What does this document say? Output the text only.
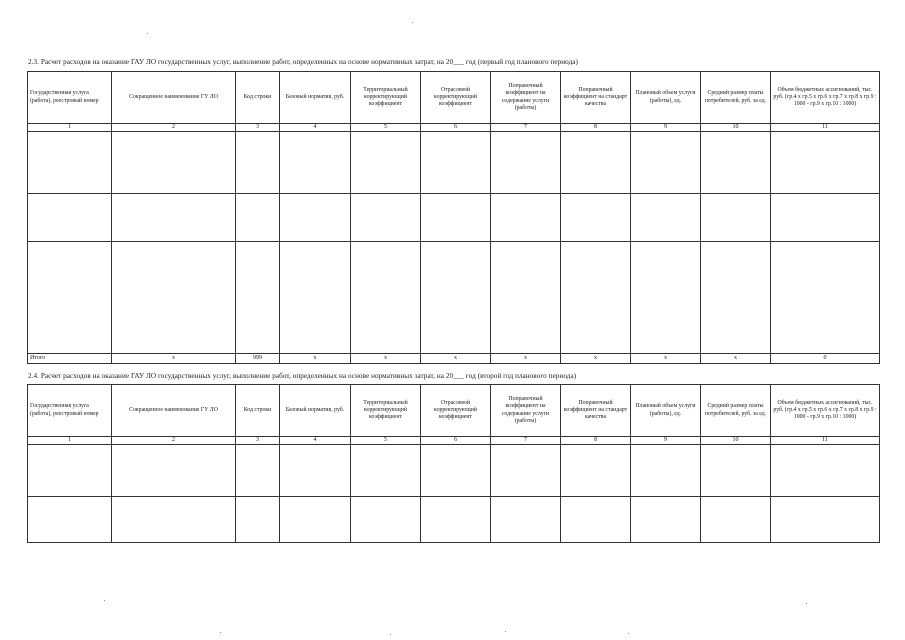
2.3. Расчет расходов на оказание ГАУ ЛО государственных услуг, выполнение работ, определенных на основе нормативных затрат, на 20___ год (первый год планового периода)
Государственная услуга (работа), реестровый номер	Сокращенное наименование ГУ ЛО	Код строки	Базовый норматив, руб.	Территориальный корректирующий коэффициент	Отраслевой корректирующий коэффициент	Поправочный коэффициент на содержание услуги (работы)	Поправочный коэффициент на стандарт качества	Плановый объем услуги (работы), ед.	Средний размер платы потребителей, руб. за ед.	Объем бюджетных ассигнований, тыс. руб. (гр.4 х гр.5 х гр.6 х гр.7 х гр.8 х гр.9 : 1000 - гр.9 х гр.10 : 1000)
1	2	3	4	5	6	7	8	9	10	11

Итого	x	999	x	x	x	x	x	x	x	0
2.4. Расчет расходов на оказание ГАУ ЛО государственных услуг, выполнение работ, определенных на основе нормативных затрат, на 20___ год (второй год планового периода)
Государственная услуга (работа), реестровый номер	Сокращенное наименование ГУ ЛО	Код строки	Базовый норматив, руб.	Территориальный корректирующий коэффициент	Отраслевой корректирующий коэффициент	Поправочный коэффициент на содержание услуги (работы)	Поправочный коэффициент на стандарт качества	Плановый объем услуги (работы), ед.	Средний размер платы потребителей, руб. за ед.	Объем бюджетных ассигнований, тыс. руб. (гр.4 х гр.5 х гр.6 х гр.7 х гр.8 х гр.9 : 1000 - гр.9 х гр.10 : 1000)
1	2	3	4	5	6	7	8	9	10	11
